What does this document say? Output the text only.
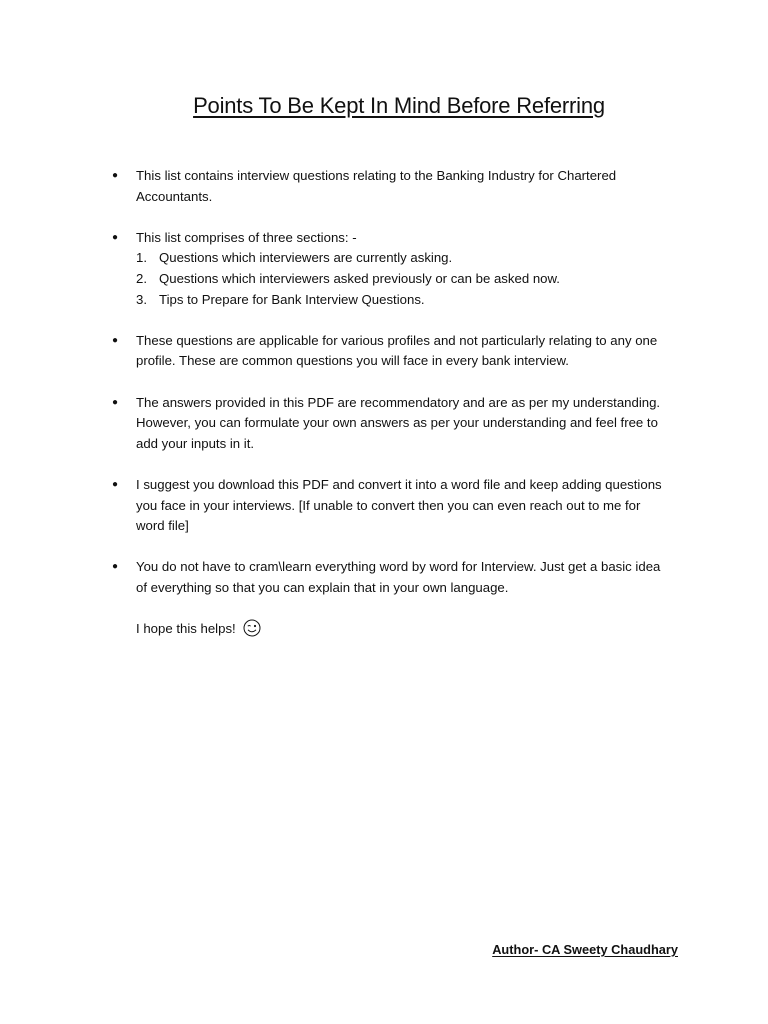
Points To Be Kept In Mind Before Referring
● This list contains interview questions relating to the Banking Industry for Chartered Accountants.
● This list comprises of three sections: -
1. Questions which interviewers are currently asking.
2. Questions which interviewers asked previously or can be asked now.
3. Tips to Prepare for Bank Interview Questions.
● These questions are applicable for various profiles and not particularly relating to any one profile. These are common questions you will face in every bank interview.
● The answers provided in this PDF are recommendatory and are as per my understanding. However, you can formulate your own answers as per your understanding and feel free to add your inputs in it.
● I suggest you download this PDF and convert it into a word file and keep adding questions you face in your interviews. [If unable to convert then you can even reach out to me for word file]
● You do not have to cram\learn everything word by word for Interview. Just get a basic idea of everything so that you can explain that in your own language.
I hope this helps!
Author- CA Sweety Chaudhary
